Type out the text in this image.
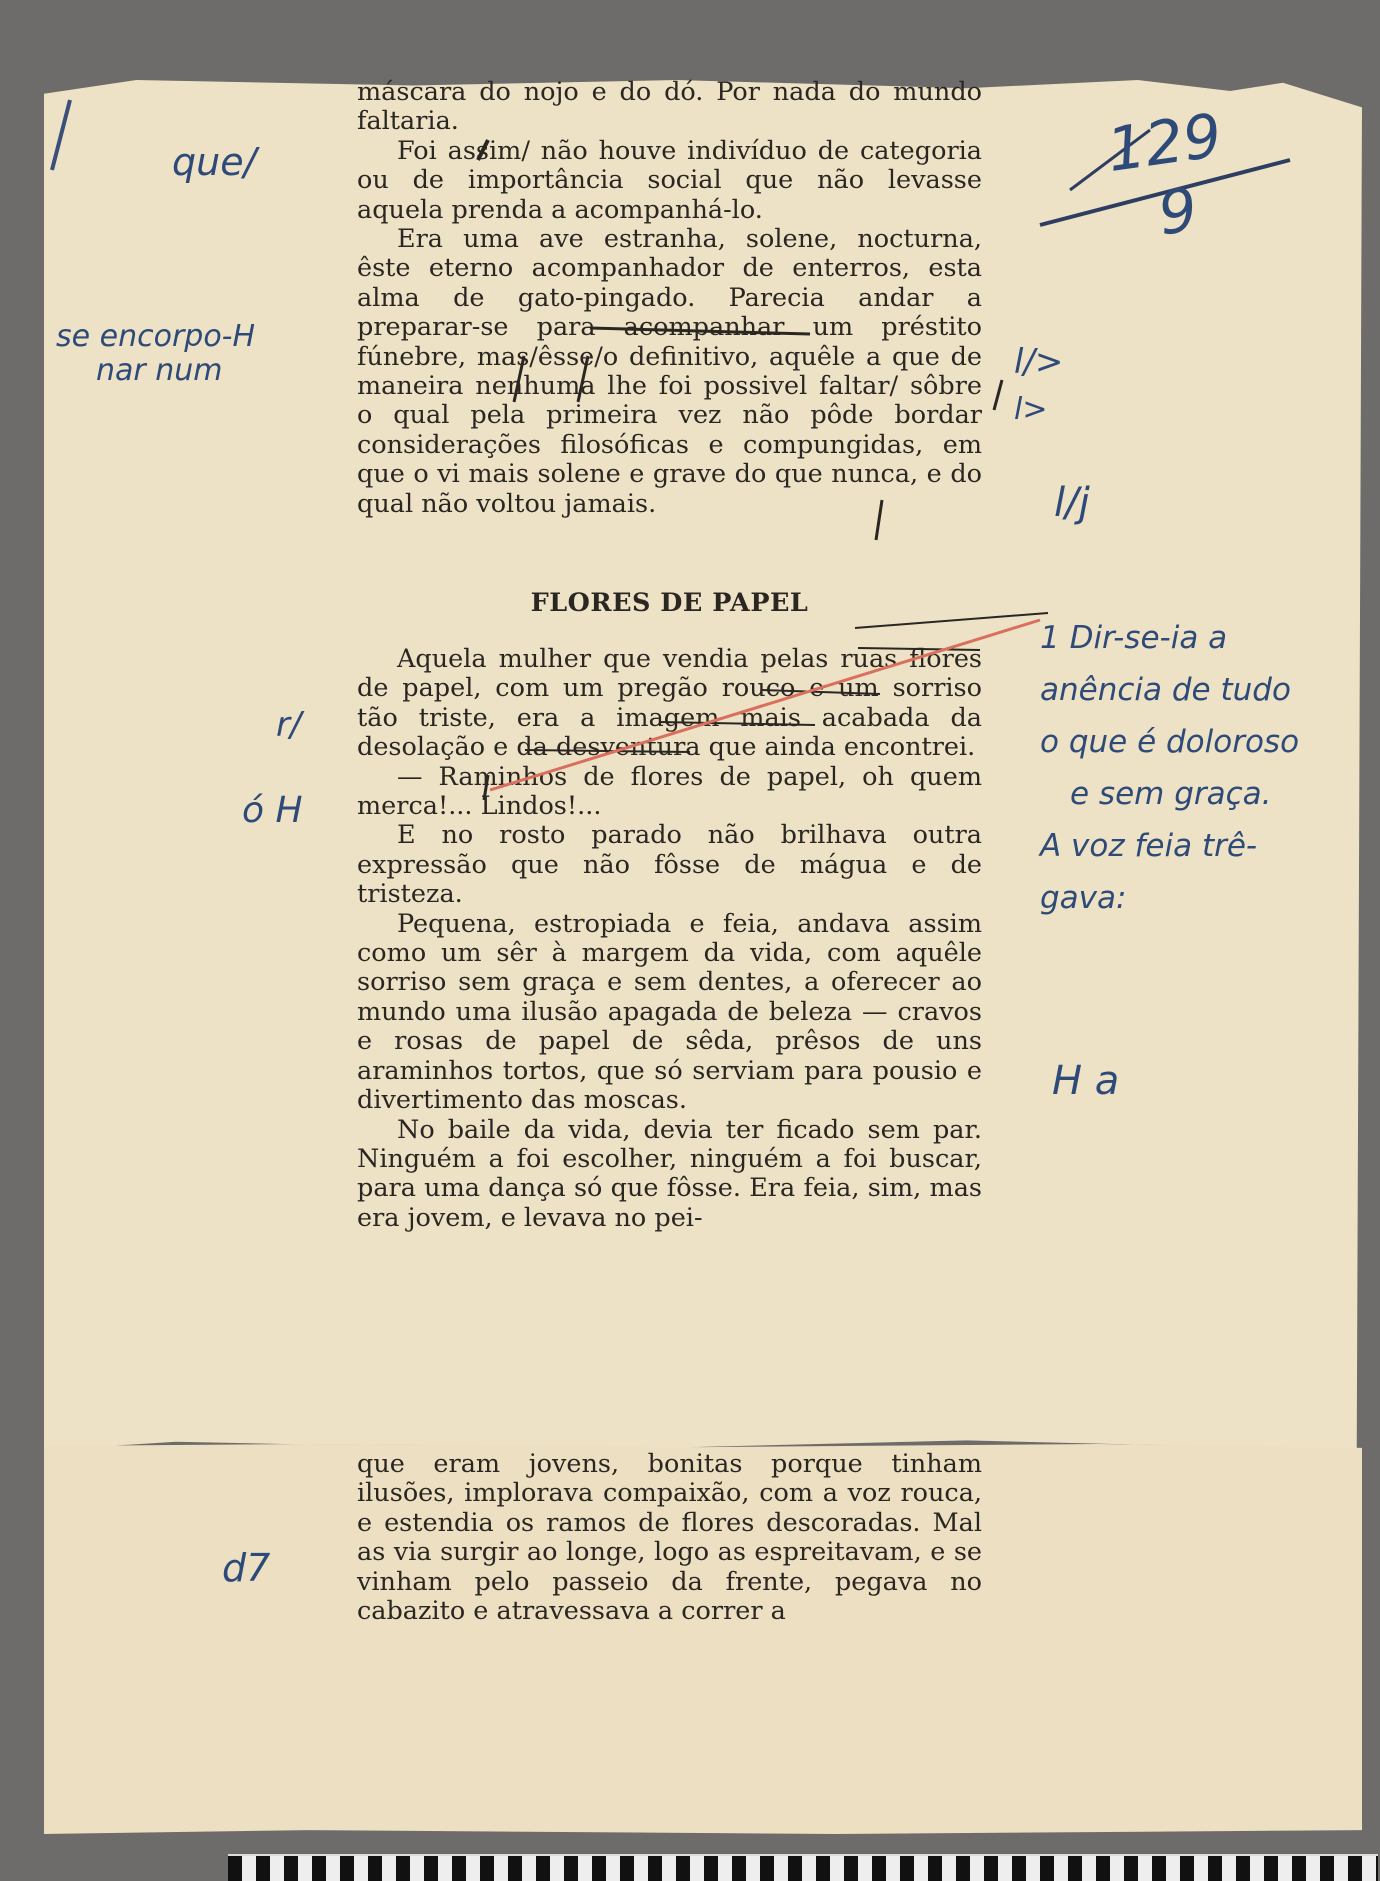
máscara do nojo e do dó. Por nada do mundo faltaria.

Foi assim/ não houve indivíduo de categoria ou de importância social que não levasse aquela prenda a acompanhá-lo.

Era uma ave estranha, solene, nocturna, êste eterno acompanhador de enterros, esta alma de gato-pingado. Parecia andar a preparar-se para acompanhar um préstito fúnebre, mas/êsse/o definitivo, aquêle a que de maneira nenhuma lhe foi possivel faltar/ sôbre o qual pela primeira vez não pôde bordar considerações filosóficas e compungidas, em que o vi mais solene e grave do que nunca, e do qual não voltou jamais.

FLORES DE PAPEL

Aquela mulher que vendia pelas ruas flores de papel, com um pregão rouco e um sorriso tão triste, era a imagem mais acabada da desolação e da desventura que ainda encontrei.

— Raminhos de flores de papel, oh quem merca!... Lindos!...

E no rosto parado não brilhava outra expressão que não fôsse de mágua e de tristeza.

Pequena, estropiada e feia, andava assim como um sêr à margem da vida, com aquêle sorriso sem graça e sem dentes, a oferecer ao mundo uma ilusão apagada de beleza — cravos e rosas de papel de sêda, prêsos de uns araminhos tortos, que só serviam para pousio e divertimento das moscas.

No baile da vida, devia ter ficado sem par. Ninguém a foi escolher, ninguém a foi buscar, para uma dança só que fôsse. Era feia, sim, mas era jovem, e levava no pei-

que eram jovens, bonitas porque tinham ilusões, implorava compaixão, com a voz rouca, e estendia os ramos de flores descoradas. Mal as via surgir ao longe, logo as espreitavam, e se vinham pelo passeio da frente, pegava no cabazito e atravessava a correr a

129
9
que/
se encorpo-H
nar num	l/>
l>
l/j
r/
ó H
H a
d7
1 Dir-se-ia a
anência de tudo
o que é doloroso
e sem graça.
A voz feia trê-
gava:
